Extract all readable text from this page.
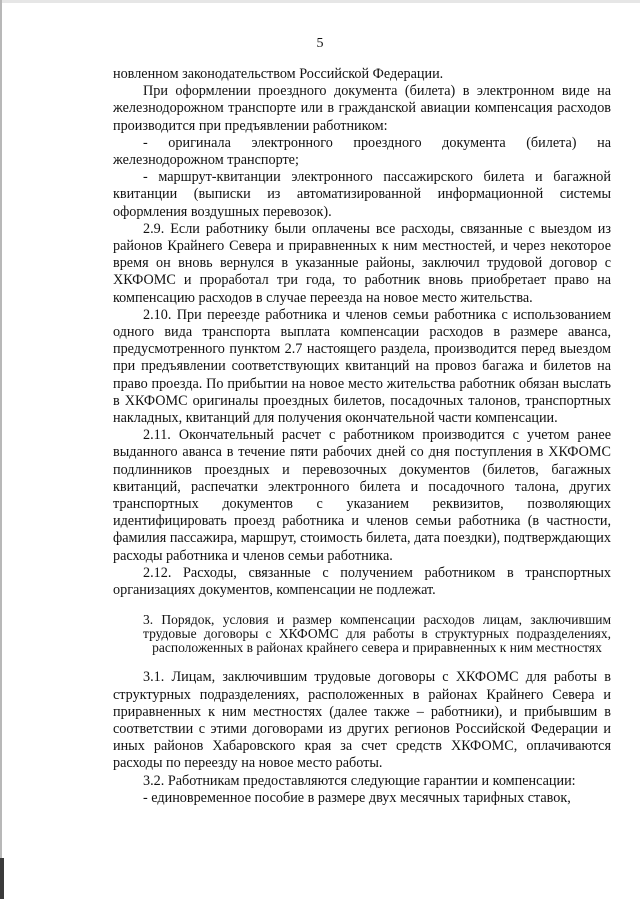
5

новленном законодательством Российской Федерации.

При оформлении проездного документа (билета) в электронном виде на железнодорожном транспорте или в гражданской авиации компенсация расходов производится при предъявлении работником:

- оригинала электронного проездного документа (билета) на железнодорожном транспорте;

- маршрут-квитанции электронного пассажирского билета и багажной квитанции (выписки из автоматизированной информационной системы оформления воздушных перевозок).

2.9. Если работнику были оплачены все расходы, связанные с выездом из районов Крайнего Севера и приравненных к ним местностей, и через некоторое время он вновь вернулся в указанные районы, заключил трудовой договор с ХКФОМС и проработал три года, то работник вновь приобретает право на компенсацию расходов в случае переезда на новое место жительства.

2.10. При переезде работника и членов семьи работника с использованием одного вида транспорта выплата компенсации расходов в размере аванса, предусмотренного пунктом 2.7 настоящего раздела, производится перед выездом при предъявлении соответствующих квитанций на провоз багажа и билетов на право проезда. По прибытии на новое место жительства работник обязан выслать в ХКФОМС оригиналы проездных билетов, посадочных талонов, транспортных накладных, квитанций для получения окончательной части компенсации.

2.11. Окончательный расчет с работником производится с учетом ранее выданного аванса в течение пяти рабочих дней со дня поступления в ХКФОМС подлинников проездных и перевозочных документов (билетов, багажных квитанций, распечатки электронного билета и посадочного талона, других транспортных документов с указанием реквизитов, позволяющих идентифицировать проезд работника и членов семьи работника (в частности, фамилия пассажира, маршрут, стоимость билета, дата поездки), подтверждающих расходы работника и членов семьи работника.

2.12. Расходы, связанные с получением работником в транспортных организациях документов, компенсации не подлежат.

3. Порядок, условия и размер компенсации расходов лицам, заключившим трудовые договоры с ХКФОМС для работы в структурных подразделениях, расположенных в районах крайнего севера и приравненных к ним местностях

3.1. Лицам, заключившим трудовые договоры с ХКФОМС для работы в структурных подразделениях, расположенных в районах Крайнего Севера и приравненных к ним местностях (далее также – работники), и прибывшим в соответствии с этими договорами из других регионов Российской Федерации и иных районов Хабаровского края за счет средств ХКФОМС, оплачиваются расходы по переезду на новое место работы.

3.2. Работникам предоставляются следующие гарантии и компенсации:

- единовременное пособие в размере двух месячных тарифных ставок,
